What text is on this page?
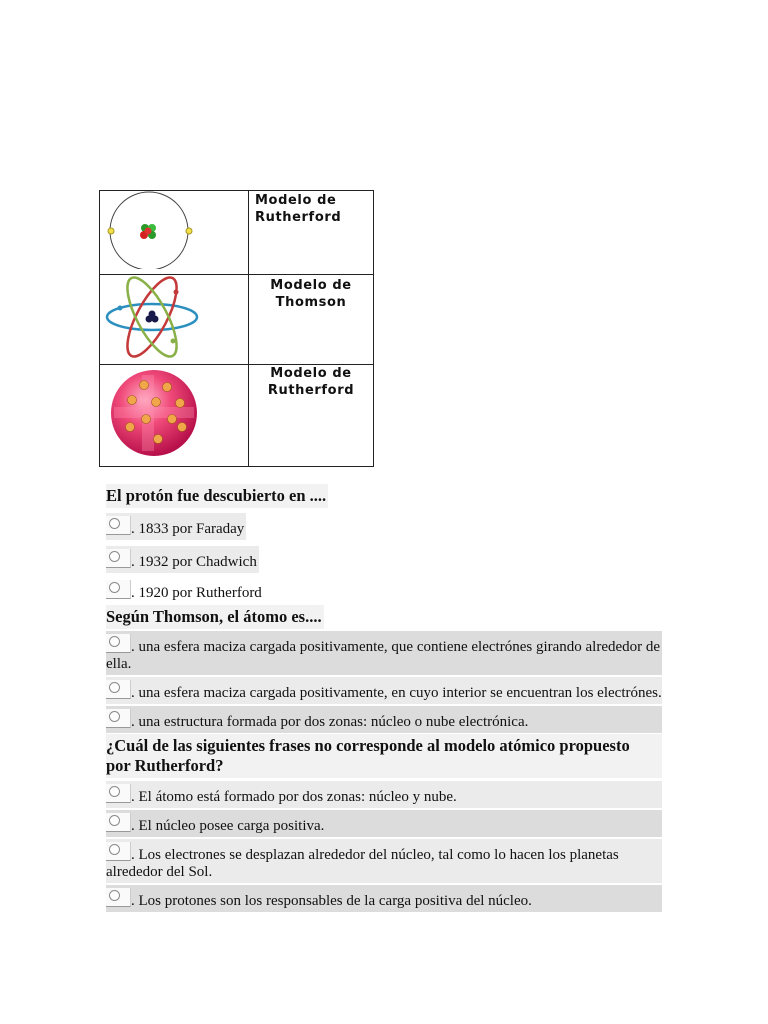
Modelo de
Rutherford

Modelo de
Thomson

Modelo de
Rutherford
El protón fue descubierto en ....
. 1833 por Faraday
. 1932 por Chadwich
. 1920 por Rutherford
Según Thomson, el átomo es....
. una esfera maciza cargada positivamente, que contiene electrónes girando alrededor de ella.
. una esfera maciza cargada positivamente, en cuyo interior se encuentran los electrónes.
. una estructura formada por dos zonas: núcleo o nube electrónica.
¿Cuál de las siguientes frases no corresponde al modelo atómico propuesto por Rutherford?
. El átomo está formado por dos zonas: núcleo y nube.
. El núcleo posee carga positiva.
. Los electrones se desplazan alrededor del núcleo, tal como lo hacen los planetas alrededor del Sol.
. Los protones son los responsables de la carga positiva del núcleo.
